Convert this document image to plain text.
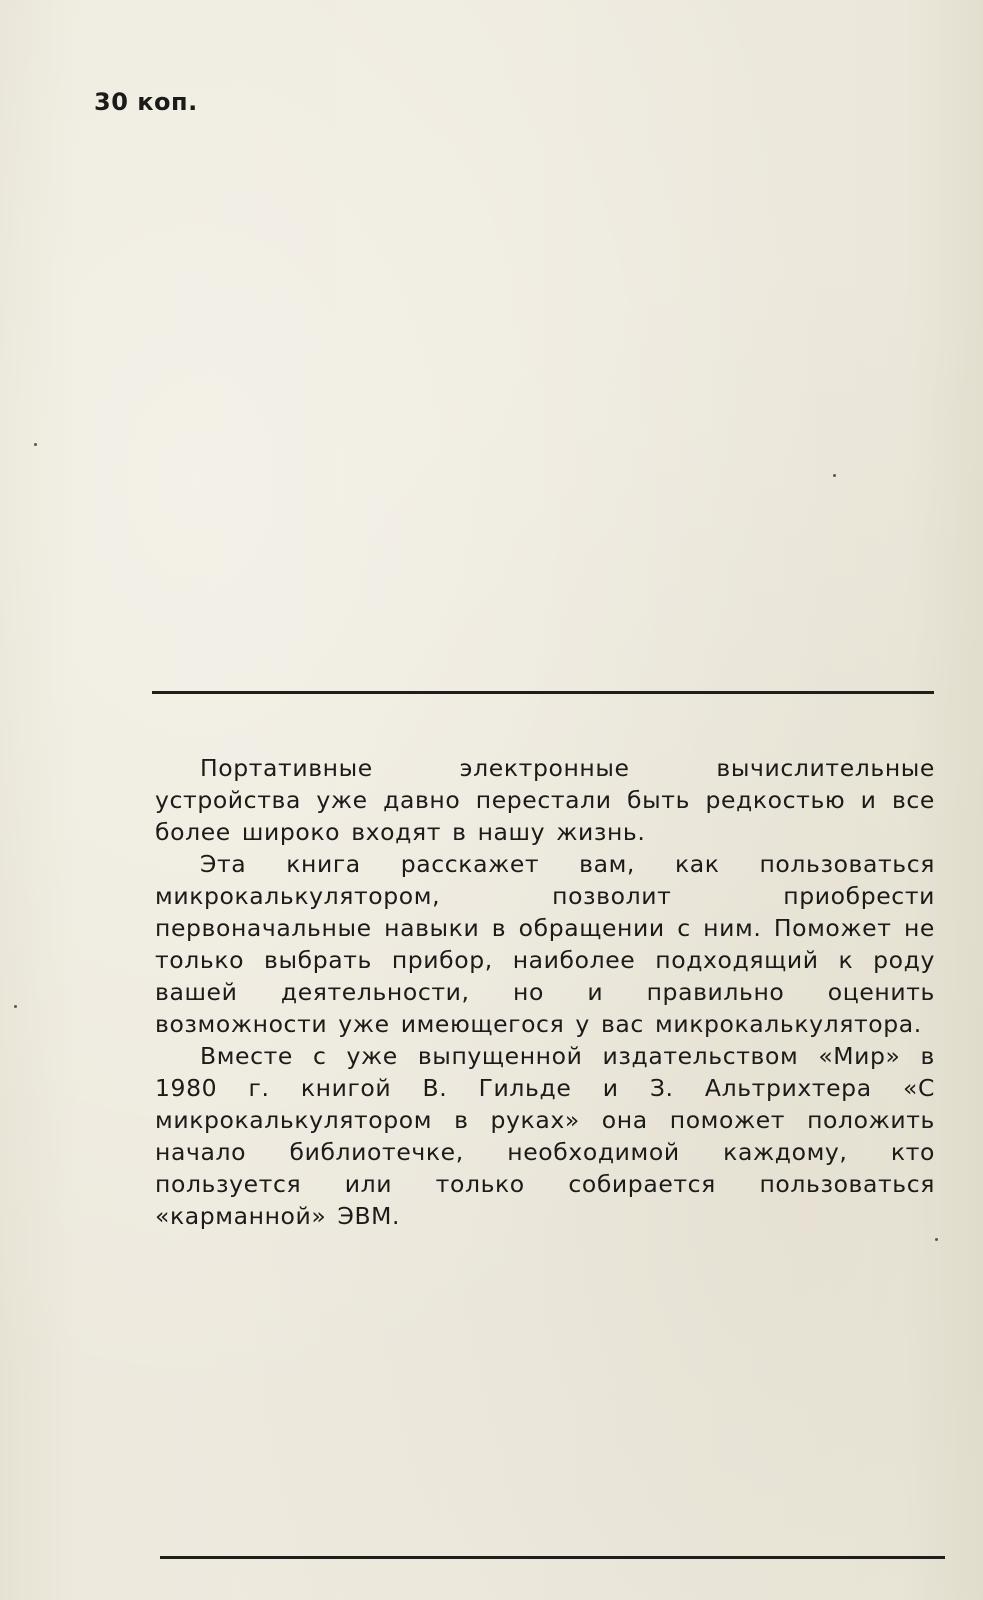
30 коп.

Портативные электронные вычислительные устройства уже давно перестали быть редкостью и все более широко входят в нашу жизнь.

Эта книга расскажет вам, как пользоваться микрокалькулятором, позволит приобрести первоначальные навыки в обращении с ним. Поможет не только выбрать прибор, наиболее подходящий к роду вашей деятельности, но и правильно оценить возможности уже имеющегося у вас микрокалькулятора.

Вместе с уже выпущенной издательством «Мир» в 1980 г. книгой В. Гильде и З. Альтрихтера «С микрокалькулятором в руках» она поможет положить начало библиотечке, необходимой каждому, кто пользуется или только собирается пользоваться «карманной» ЭВМ.
